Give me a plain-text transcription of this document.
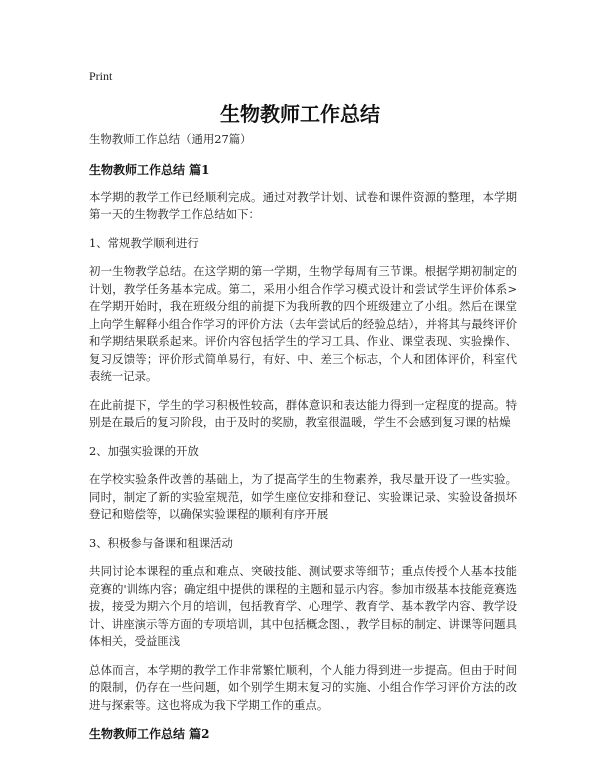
Print

生物教师工作总结

生物教师工作总结（通用27篇）

生物教师工作总结 篇1

本学期的教学工作已经顺利完成。通过对教学计划、试卷和课件资源的整理，本学期第一天的生物教学工作总结如下：

1、常规教学顺利进行

初一生物教学总结。在这学期的第一学期，生物学每周有三节课。根据学期初制定的计划，教学任务基本完成。第二，采用小组合作学习模式设计和尝试学生评价体系>在学期开始时，我在班级分组的前提下为我所教的四个班级建立了小组。然后在课堂上向学生解释小组合作学习的评价方法（去年尝试后的经验总结），并将其与最终评价和学期结果联系起来。评价内容包括学生的学习工具、作业、课堂表现、实验操作、复习反馈等；评价形式简单易行，有好、中、差三个标志，个人和团体评价，科室代表统一记录。

在此前提下，学生的学习积极性较高，群体意识和表达能力得到一定程度的提高。特别是在最后的复习阶段，由于及时的奖励，教室很温暖，学生不会感到复习课的枯燥

2、加强实验课的开放

在学校实验条件改善的基础上，为了提高学生的生物素养，我尽量开设了一些实验。同时，制定了新的实验室规范，如学生座位安排和登记、实验课记录、实验设备损坏登记和赔偿等，以确保实验课程的顺利有序开展

3、积极参与备课和租课活动

共同讨论本课程的重点和难点、突破技能、测试要求等细节；重点传授个人基本技能竞赛的'训练内容；确定组中提供的课程的主题和显示内容。参加市级基本技能竞赛选拔，接受为期六个月的培训，包括教育学、心理学、教育学、基本教学内容、教学设计、讲座演示等方面的专项培训，其中包括概念图、，教学目标的制定、讲课等问题具体相关，受益匪浅

总体而言，本学期的教学工作非常繁忙顺利，个人能力得到进一步提高。但由于时间的限制，仍存在一些问题，如个别学生期末复习的实施、小组合作学习评价方法的改进与探索等。这也将成为我下学期工作的重点。

生物教师工作总结 篇2
